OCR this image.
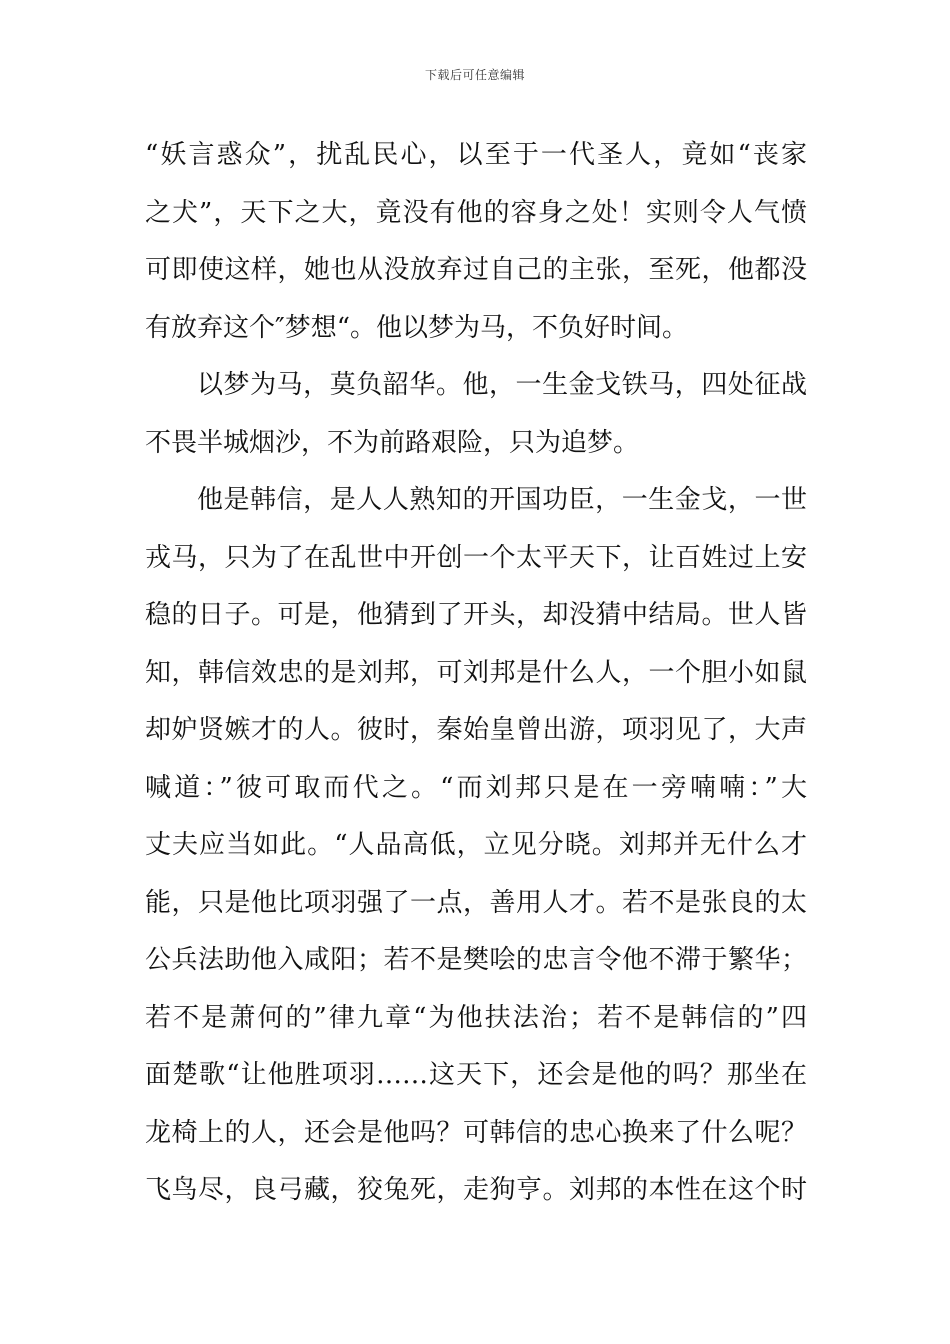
下载后可任意编辑
“妖言惑众”，扰乱民心，以至于一代圣人，竟如“丧家
之犬”，天下之大，竟没有他的容身之处！实则令人气愤
可即使这样，她也从没放弃过自己的主张，至死，他都没
有放弃这个″梦想“。他以梦为马，不负好时间。
以梦为马，莫负韶华。他，一生金戈铁马，四处征战
不畏半城烟沙，不为前路艰险，只为追梦。
他是韩信，是人人熟知的开国功臣，一生金戈，一世
戎马，只为了在乱世中开创一个太平天下，让百姓过上安
稳的日子。可是，他猜到了开头，却没猜中结局。世人皆
知，韩信效忠的是刘邦，可刘邦是什么人，一个胆小如鼠
却妒贤嫉才的人。彼时，秦始皇曾出游，项羽见了，大声
喊道：”彼可取而代之。“而刘邦只是在一旁喃喃：”大
丈夫应当如此。“人品高低，立见分晓。刘邦并无什么才
能，只是他比项羽强了一点，善用人才。若不是张良的太
公兵法助他入咸阳；若不是樊哙的忠言令他不滞于繁华；
若不是萧何的”律九章“为他扶法治；若不是韩信的”四
面楚歌“让他胜项羽……这天下，还会是他的吗？那坐在
龙椅上的人，还会是他吗？可韩信的忠心换来了什么呢？
飞鸟尽，良弓藏，狡兔死，走狗亨。刘邦的本性在这个时
